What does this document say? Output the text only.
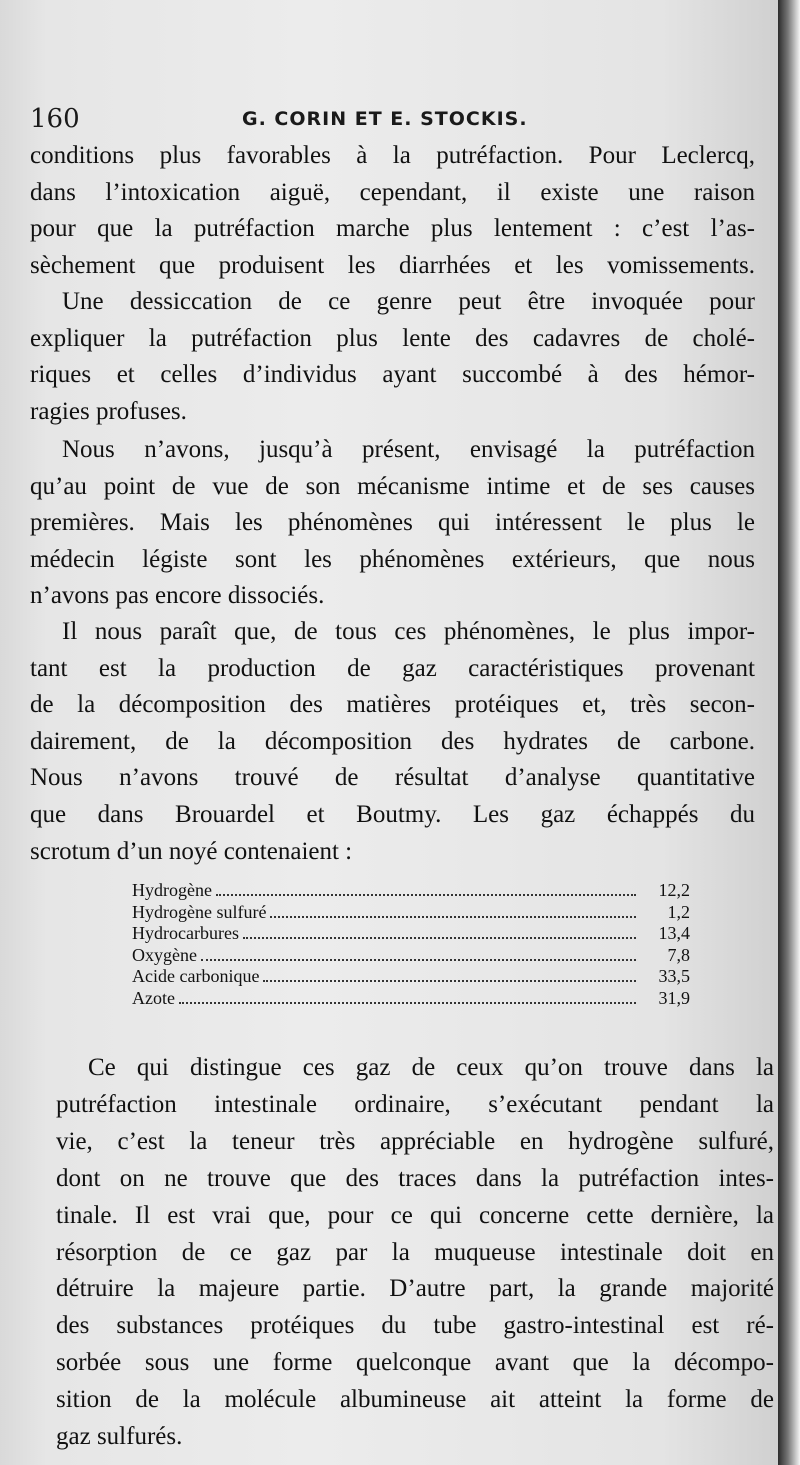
160	G. CORIN ET E. STOCKIS.
conditions plus favorables à la putréfaction. Pour Leclercq,
dans l’intoxication aiguë, cependant, il existe une raison
pour que la putréfaction marche plus lentement : c’est l’as-
sèchement que produisent les diarrhées et les vomissements.
Une dessiccation de ce genre peut être invoquée pour
expliquer la putréfaction plus lente des cadavres de cholé-
riques et celles d’individus ayant succombé à des hémor-
ragies profuses.
Nous n’avons, jusqu’à présent, envisagé la putréfaction
qu’au point de vue de son mécanisme intime et de ses causes
premières. Mais les phénomènes qui intéressent le plus le
médecin légiste sont les phénomènes extérieurs, que nous
n’avons pas encore dissociés.
Il nous paraît que, de tous ces phénomènes, le plus impor-
tant est la production de gaz caractéristiques provenant
de la décomposition des matières protéiques et, très secon-
dairement, de la décomposition des hydrates de carbone.
Nous n’avons trouvé de résultat d’analyse quantitative
que dans Brouardel et Boutmy. Les gaz échappés du
scrotum d’un noyé contenaient :
Hydrogène	12,2
Hydrogène sulfuré	1,2
Hydrocarbures	13,4
Oxygène	7,8
Acide carbonique	33,5
Azote	31,9
Ce qui distingue ces gaz de ceux qu’on trouve dans la
putréfaction intestinale ordinaire, s’exécutant pendant la
vie, c’est la teneur très appréciable en hydrogène sulfuré,
dont on ne trouve que des traces dans la putréfaction intes-
tinale. Il est vrai que, pour ce qui concerne cette dernière, la
résorption de ce gaz par la muqueuse intestinale doit en
détruire la majeure partie. D’autre part, la grande majorité
des substances protéiques du tube gastro-intestinal est ré-
sorbée sous une forme quelconque avant que la décompo-
sition de la molécule albumineuse ait atteint la forme de
gaz sulfurés.
